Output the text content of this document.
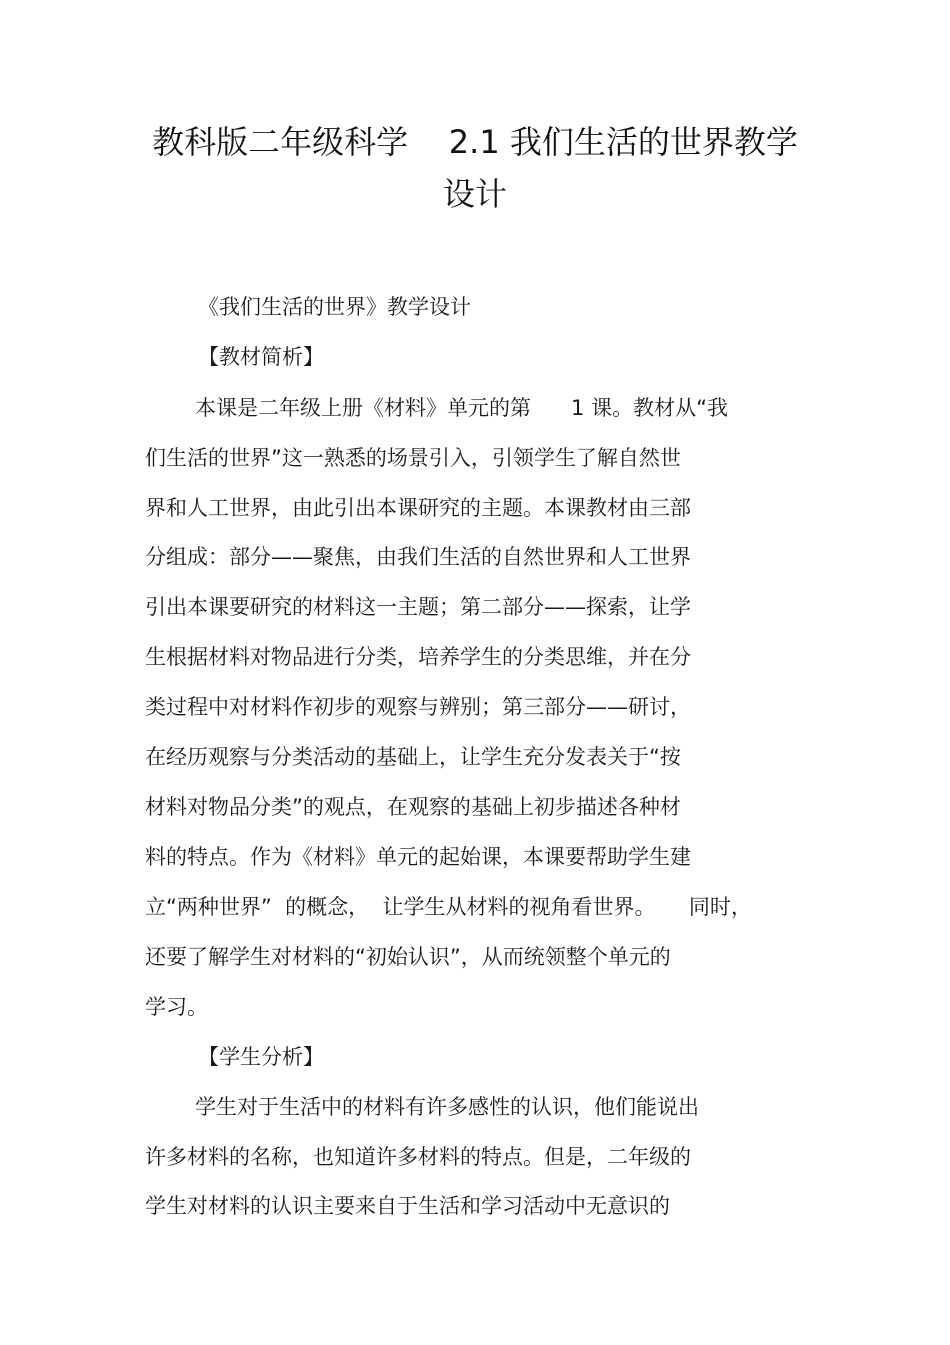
教科版二年级科学    2.1 我们生活的世界教学
设计
《我们生活的世界》教学设计
【教材简析】
本课是二年级上册《材料》单元的第      1 课。教材从“我
们生活的世界”这一熟悉的场景引入，引领学生了解自然世
界和人工世界，由此引出本课研究的主题。本课教材由三部
分组成：部分——聚焦，由我们生活的自然世界和人工世界
引出本课要研究的材料这一主题；第二部分——探索，让学
生根据材料对物品进行分类，培养学生的分类思维，并在分
类过程中对材料作初步的观察与辨别；第三部分——研讨，
在经历观察与分类活动的基础上，让学生充分发表关于“按
材料对物品分类”的观点，在观察的基础上初步描述各种材
料的特点。作为《材料》单元的起始课，本课要帮助学生建
立“两种世界”  的概念，  让学生从材料的视角看世界。     同时，
还要了解学生对材料的“初始认识”，从而统领整个单元的
学习。
【学生分析】
学生对于生活中的材料有许多感性的认识，他们能说出
许多材料的名称，也知道许多材料的特点。但是，二年级的
学生对材料的认识主要来自于生活和学习活动中无意识的
